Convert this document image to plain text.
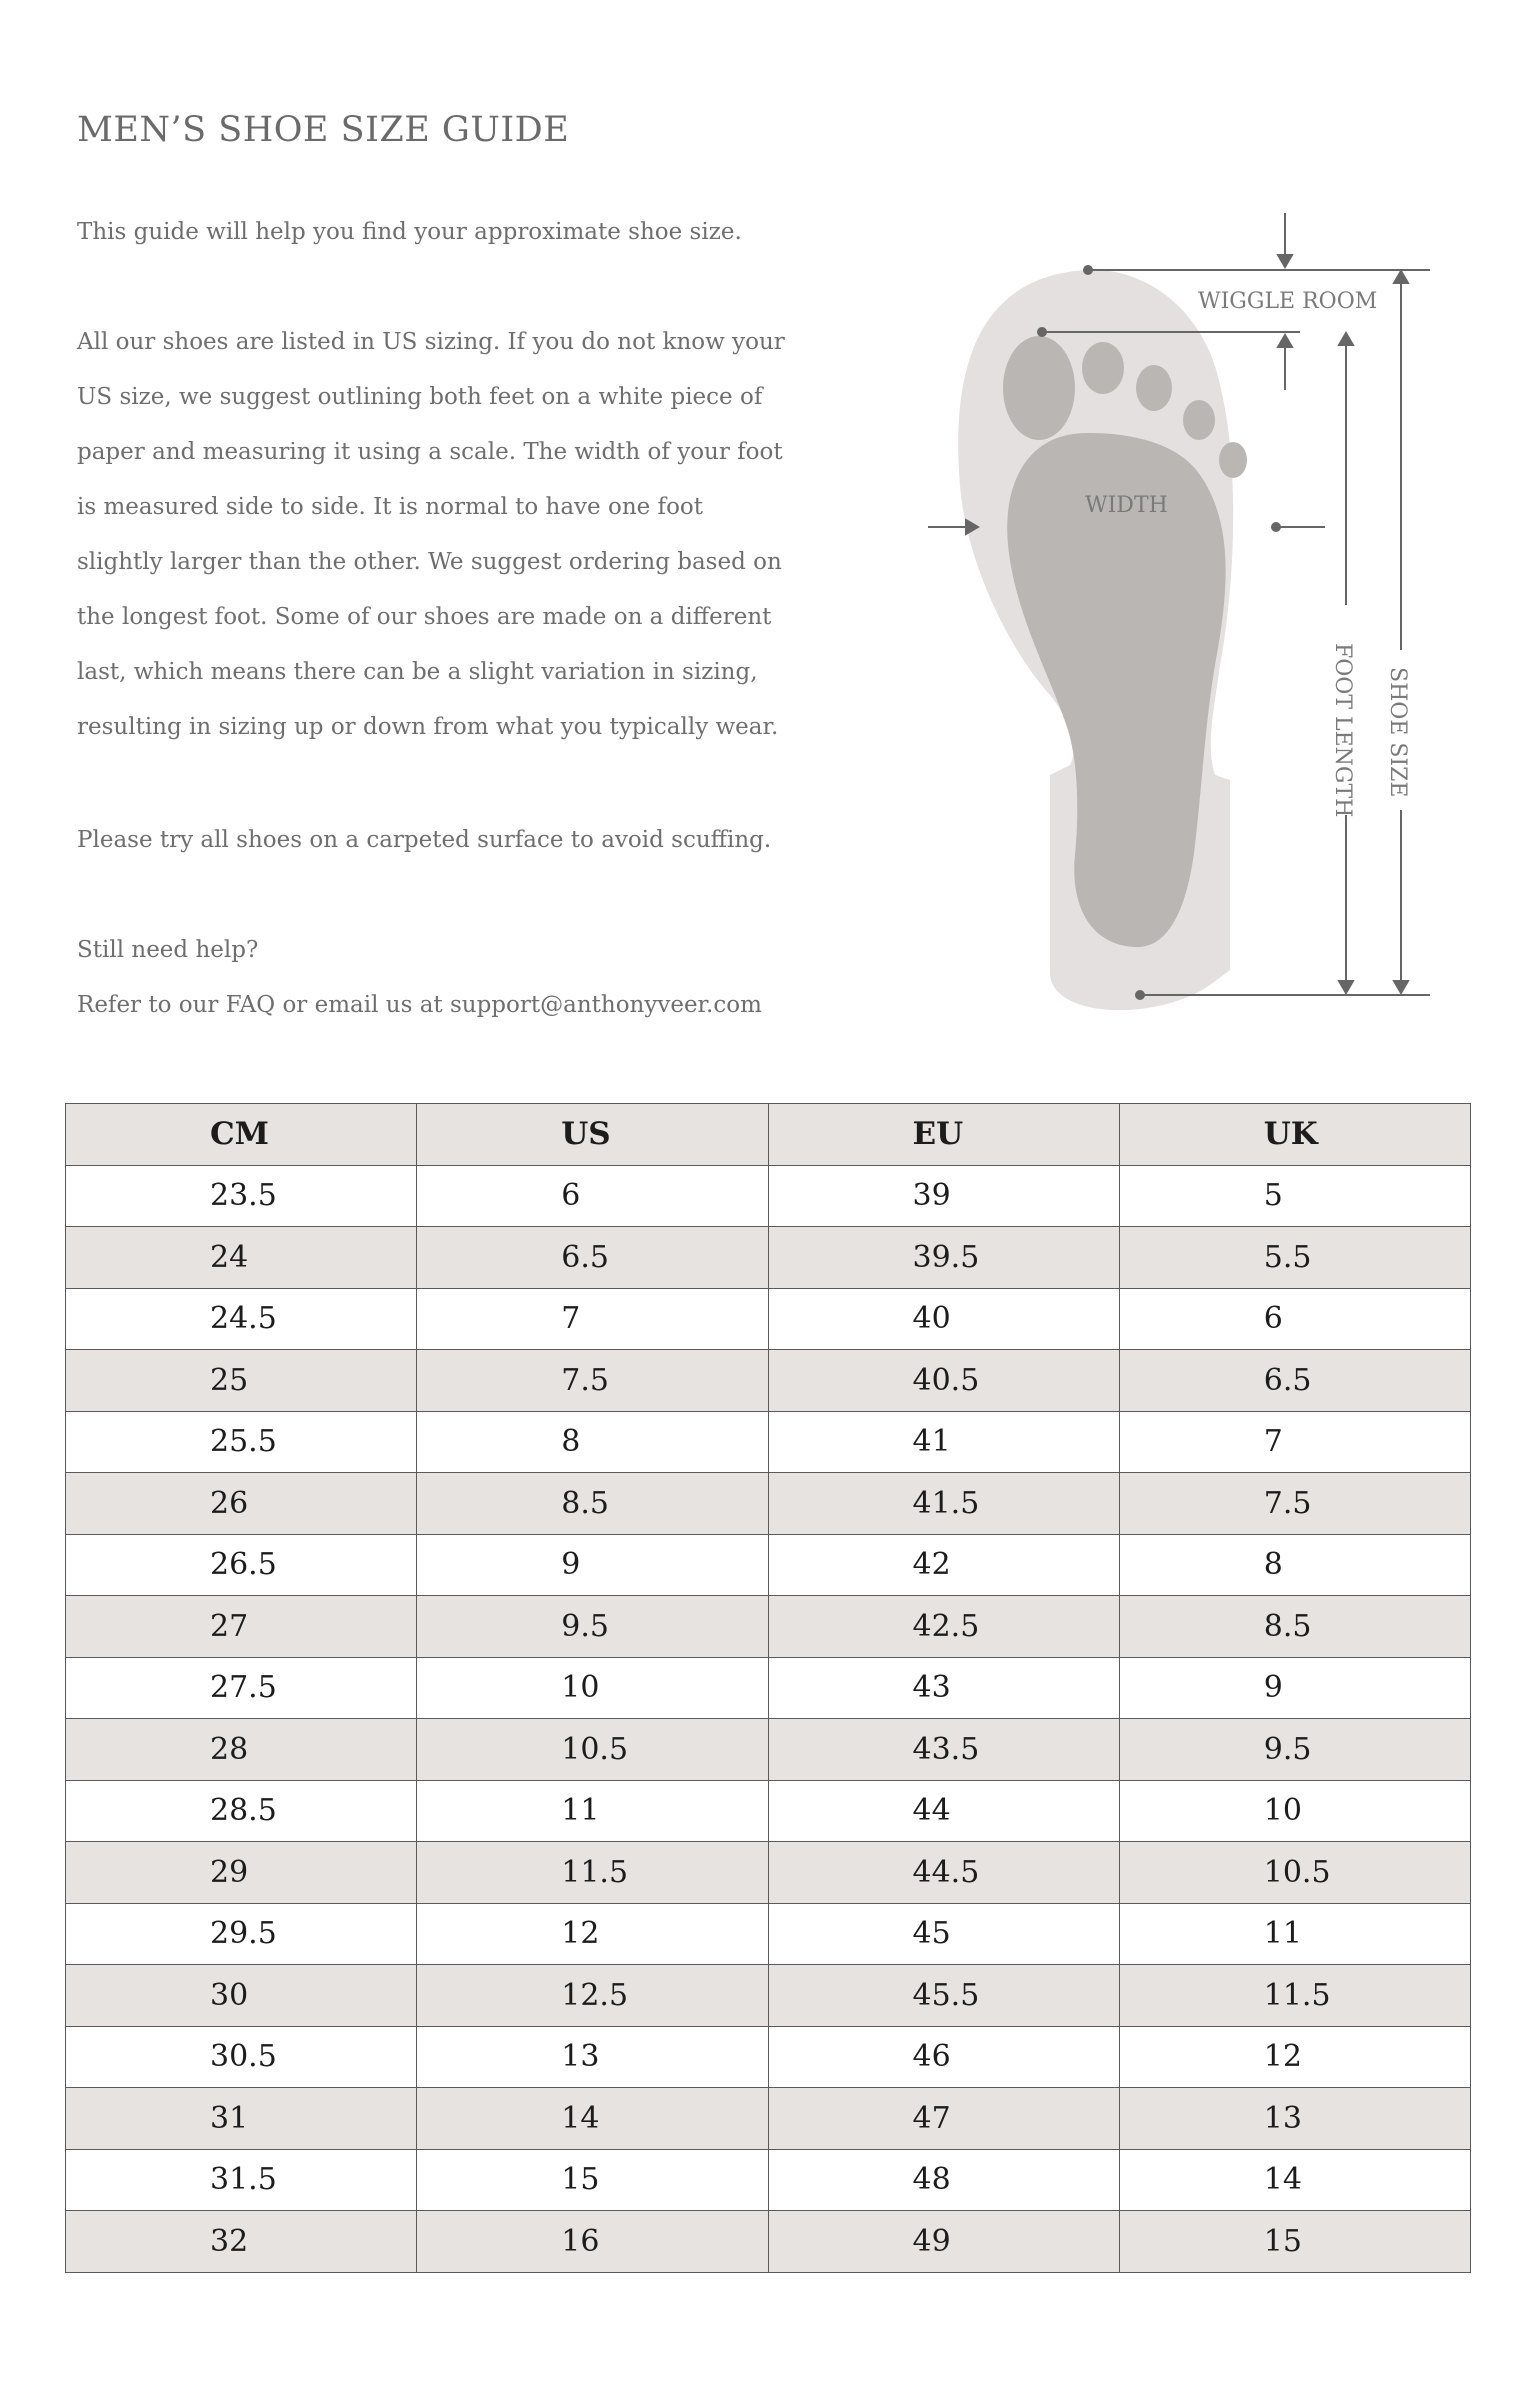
MEN’S SHOE SIZE GUIDE

This guide will help you find your approximate shoe size.

All our shoes are listed in US sizing. If you do not know your
US size, we suggest outlining both feet on a white piece of
paper and measuring it using a scale. The width of your foot
is measured side to side. It is normal to have one foot
slightly larger than the other. We suggest ordering based on
the longest foot. Some of our shoes are made on a different
last, which means there can be a slight variation in sizing,
resulting in sizing up or down from what you typically wear.

Please try all shoes on a carpeted surface to avoid scuffing.

Still need help?
Refer to our FAQ or email us at support@anthonyveer.com

WIGGLE ROOM
WIDTH
FOOT LENGTH SHOE SIZE
CM	US	EU	UK
23.5	6	39	5
24	6.5	39.5	5.5
24.5	7	40	6
25	7.5	40.5	6.5
25.5	8	41	7
26	8.5	41.5	7.5
26.5	9	42	8
27	9.5	42.5	8.5
27.5	10	43	9
28	10.5	43.5	9.5
28.5	11	44	10
29	11.5	44.5	10.5
29.5	12	45	11
30	12.5	45.5	11.5
30.5	13	46	12
31	14	47	13
31.5	15	48	14
32	16	49	15
